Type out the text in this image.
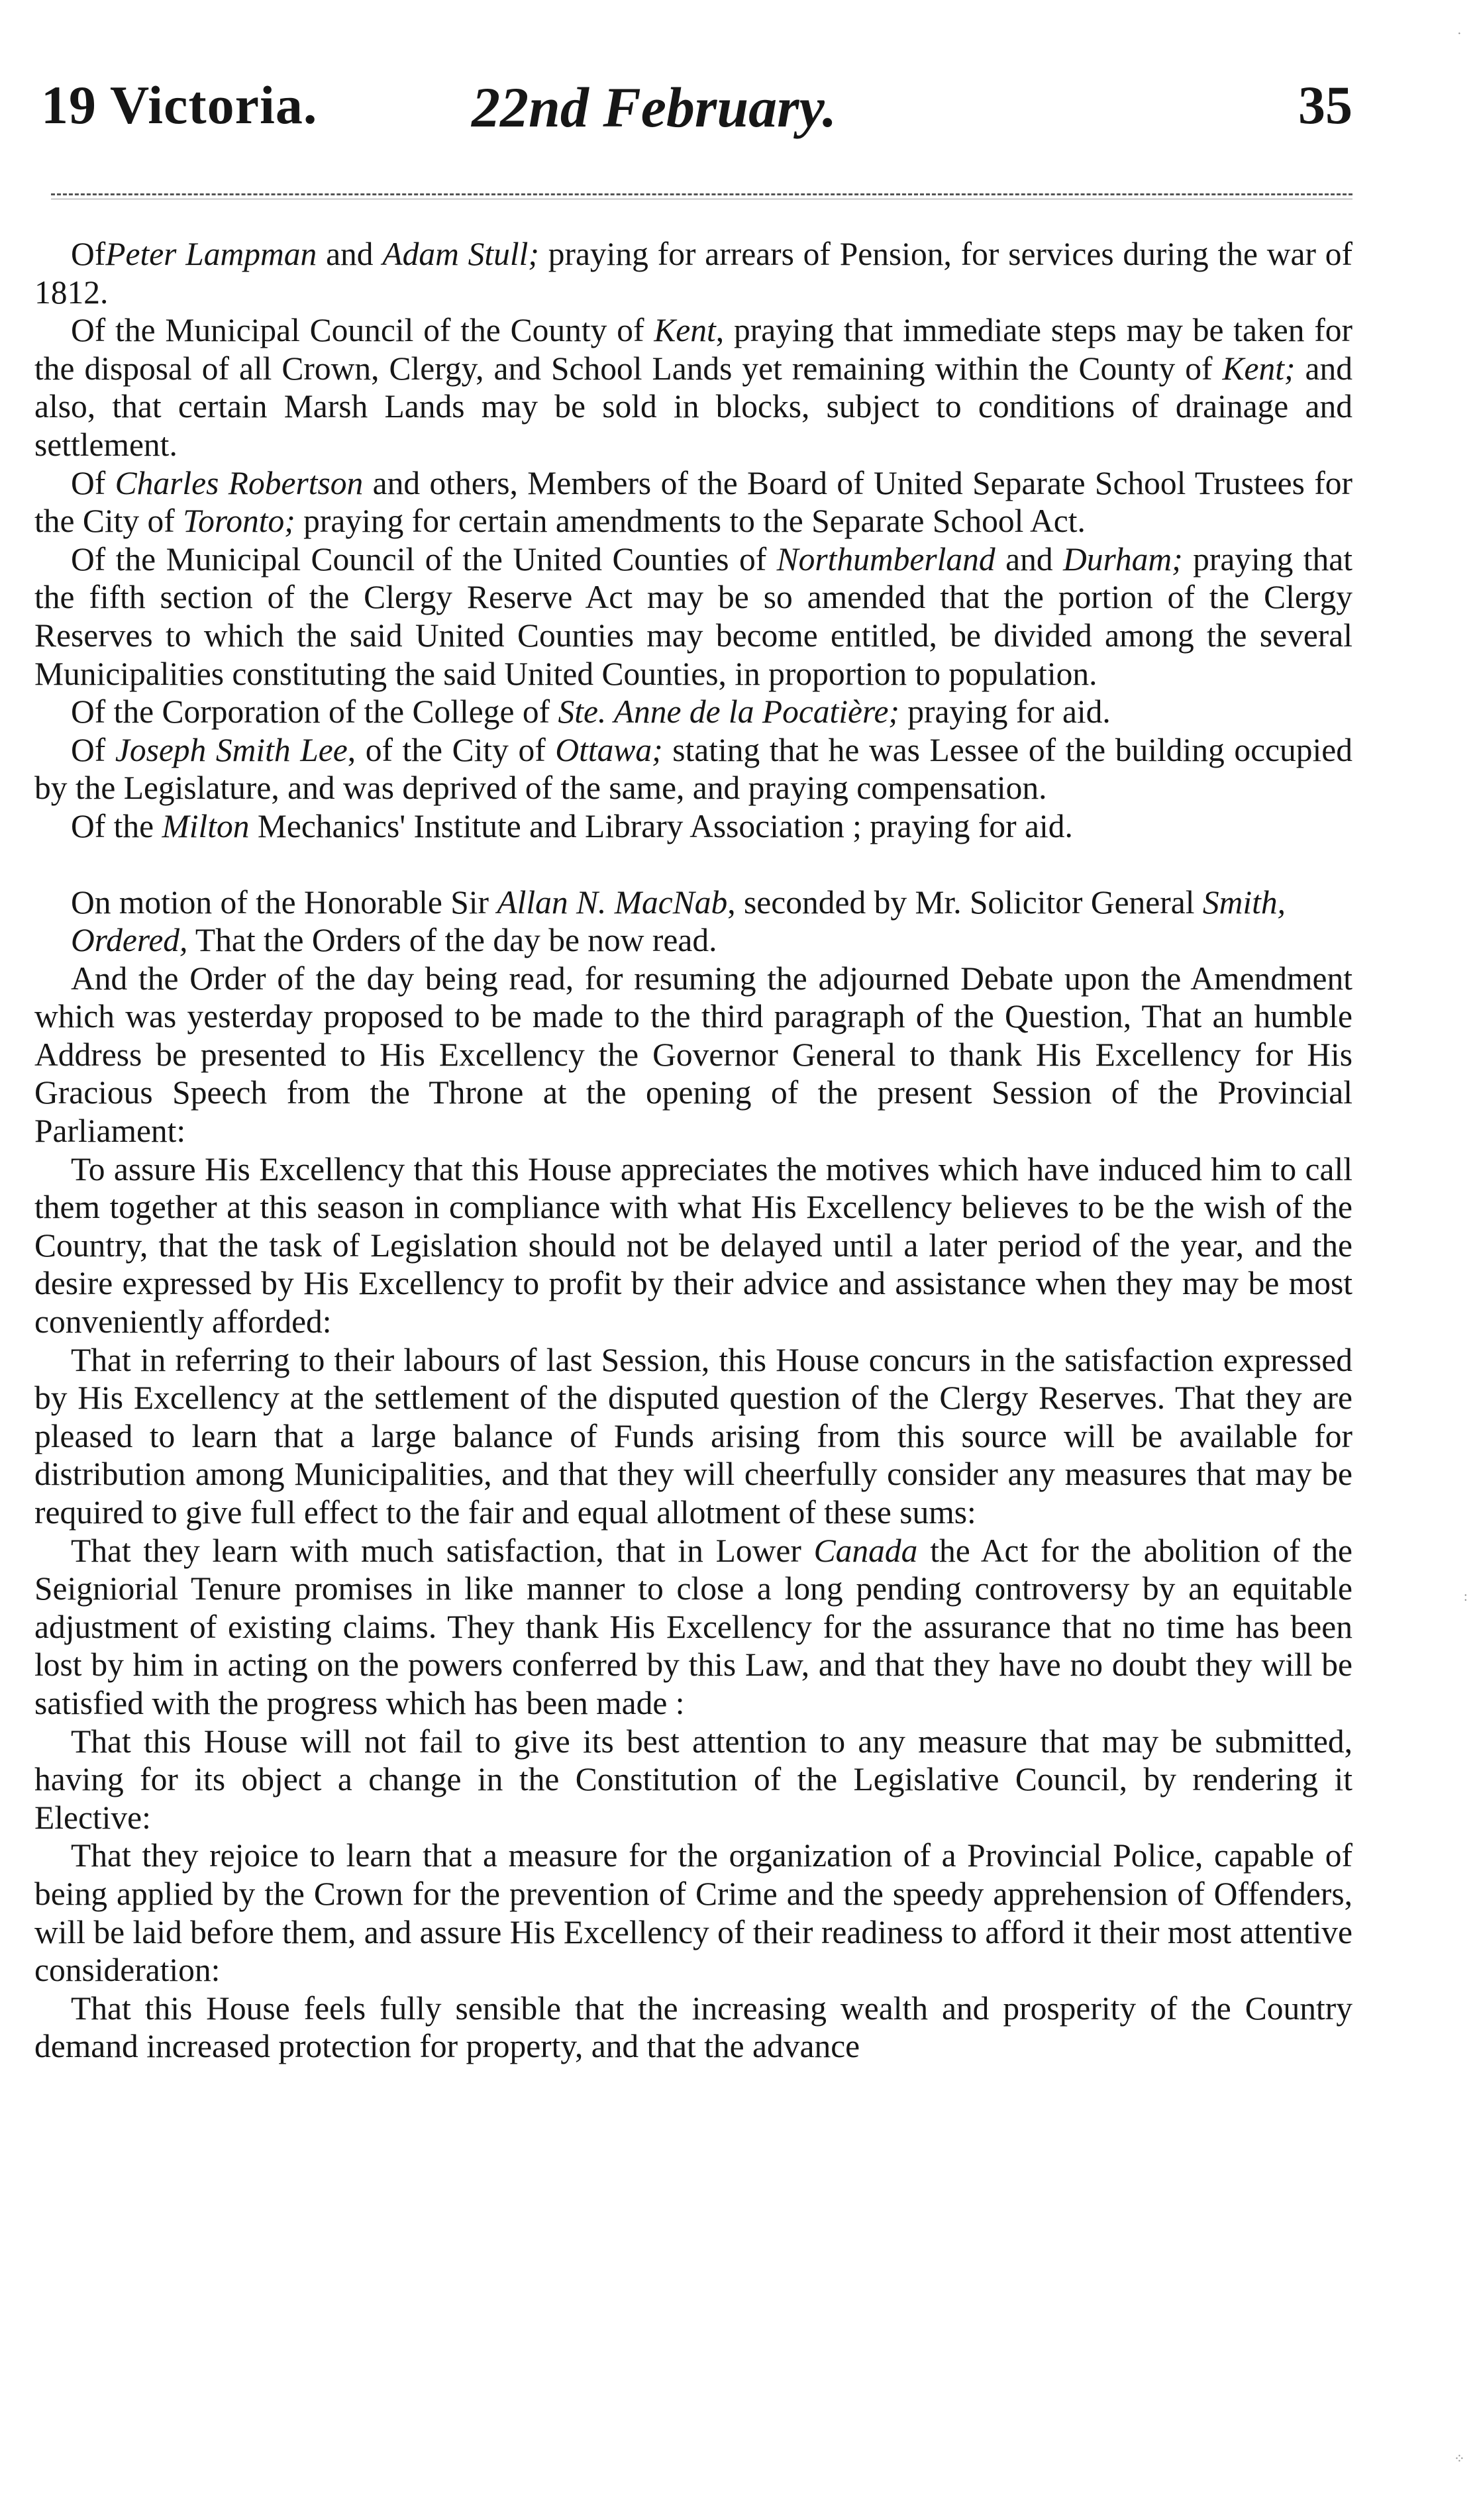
19 Victoria.	22nd February.	35

OfPeter Lampman and Adam Stull; praying for arrears of Pension, for services during the war of 1812.

Of the Municipal Council of the County of Kent, praying that immediate steps may be taken for the disposal of all Crown, Clergy, and School Lands yet remaining within the County of Kent; and also, that certain Marsh Lands may be sold in blocks, subject to conditions of drainage and settlement.

Of Charles Robertson and others, Members of the Board of United Separate School Trustees for the City of Toronto; praying for certain amendments to the Separate School Act.

Of the Municipal Council of the United Counties of Northumberland and Durham; praying that the fifth section of the Clergy Reserve Act may be so amended that the portion of the Clergy Reserves to which the said United Counties may become entitled, be divided among the several Municipalities constituting the said United Counties, in proportion to population.

Of the Corporation of the College of Ste. Anne de la Pocatière; praying for aid.

Of Joseph Smith Lee, of the City of Ottawa; stating that he was Lessee of the building occupied by the Legislature, and was deprived of the same, and praying compensation.

Of the Milton Mechanics' Institute and Library Association ; praying for aid.

On motion of the Honorable Sir Allan N. MacNab, seconded by Mr. Solicitor General Smith,

Ordered, That the Orders of the day be now read.

And the Order of the day being read, for resuming the adjourned Debate upon the Amendment which was yesterday proposed to be made to the third paragraph of the Question, That an humble Address be presented to His Excellency the Governor General to thank His Excellency for His Gracious Speech from the Throne at the opening of the present Session of the Provincial Parliament:

To assure His Excellency that this House appreciates the motives which have induced him to call them together at this season in compliance with what His Excellency believes to be the wish of the Country, that the task of Legislation should not be delayed until a later period of the year, and the desire expressed by His Excellency to profit by their advice and assistance when they may be most conveniently afforded:

That in referring to their labours of last Session, this House concurs in the satisfaction expressed by His Excellency at the settlement of the disputed question of the Clergy Reserves. That they are pleased to learn that a large balance of Funds arising from this source will be available for distribution among Municipalities, and that they will cheerfully consider any measures that may be required to give full effect to the fair and equal allotment of these sums:

That they learn with much satisfaction, that in Lower Canada the Act for the abolition of the Seigniorial Tenure promises in like manner to close a long pending controversy by an equitable adjustment of existing claims. They thank His Excellency for the assurance that no time has been lost by him in acting on the powers conferred by this Law, and that they have no doubt they will be satisfied with the progress which has been made :

That this House will not fail to give its best attention to any measure that may be submitted, having for its object a change in the Constitution of the Legislative Council, by rendering it Elective:

That they rejoice to learn that a measure for the organization of a Provincial Police, capable of being applied by the Crown for the prevention of Crime and the speedy apprehension of Offenders, will be laid before them, and assure His Excellency of their readiness to afford it their most attentive consideration:

That this House feels fully sensible that the increasing wealth and prosperity of the Country demand increased protection for property, and that the advance

·
:
⁘
